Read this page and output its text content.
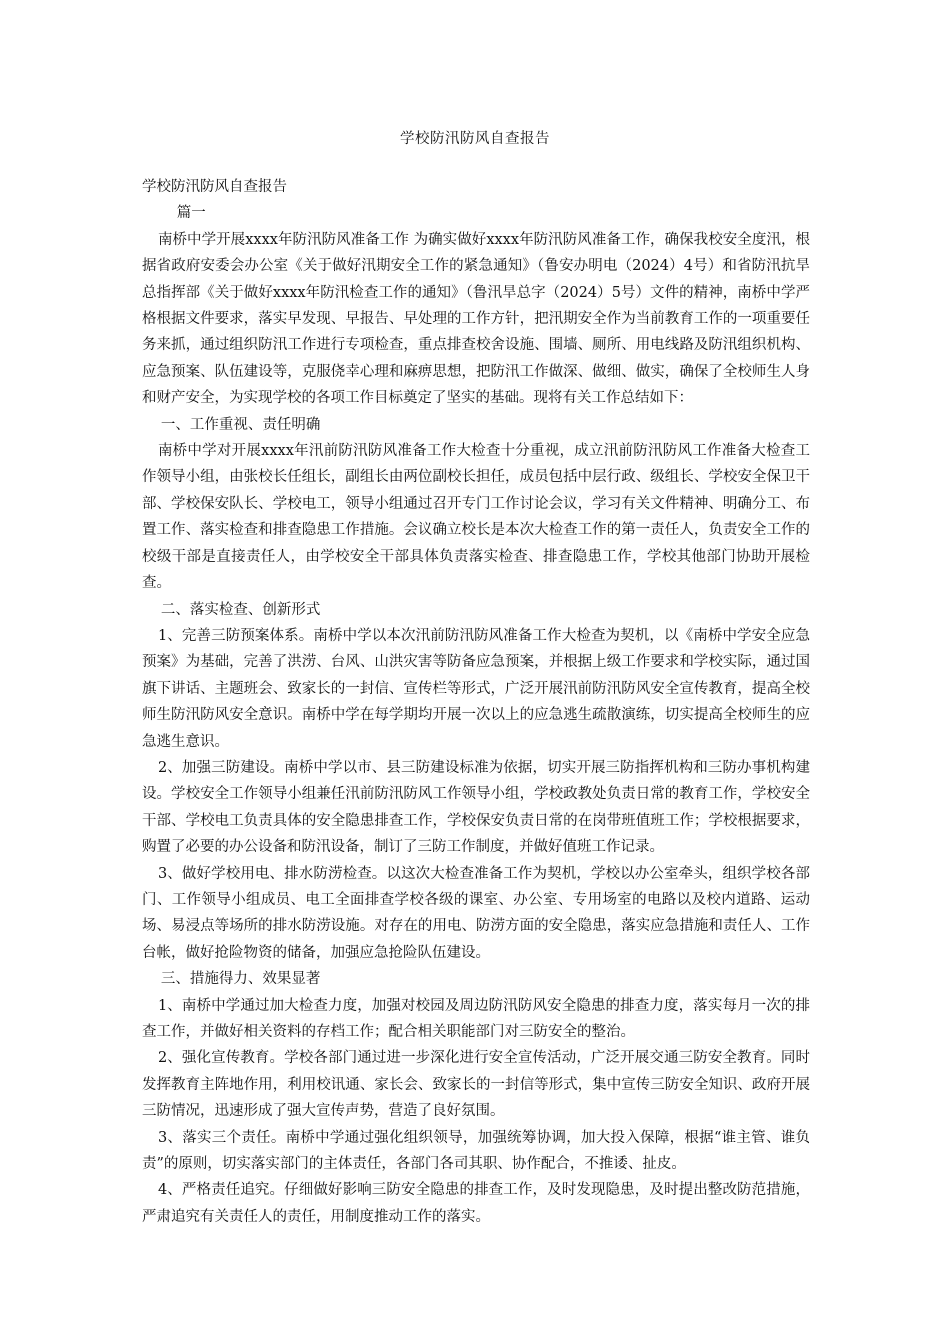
学校防汛防风自查报告

学校防汛防风自查报告

篇一

南桥中学开展xxxx年防汛防风准备工作 为确实做好xxxx年防汛防风准备工作，确保我校安全度汛，根据省政府安委会办公室《关于做好汛期安全工作的紧急通知》（鲁安办明电（2024）4号）和省防汛抗旱总指挥部《关于做好xxxx年防汛检查工作的通知》（鲁汛旱总字（2024）5号）文件的精神，南桥中学严格根据文件要求，落实早发现、早报告、早处理的工作方针，把汛期安全作为当前教育工作的一项重要任务来抓，通过组织防汛工作进行专项检查，重点排查校舍设施、围墙、厕所、用电线路及防汛组织机构、应急预案、队伍建设等，克服侥幸心理和麻痹思想，把防汛工作做深、做细、做实，确保了全校师生人身和财产安全，为实现学校的各项工作目标奠定了坚实的基础。现将有关工作总结如下：

一、工作重视、责任明确

南桥中学对开展xxxx年汛前防汛防风准备工作大检查十分重视，成立汛前防汛防风工作准备大检查工作领导小组，由张校长任组长，副组长由两位副校长担任，成员包括中层行政、级组长、学校安全保卫干部、学校保安队长、学校电工，领导小组通过召开专门工作讨论会议，学习有关文件精神、明确分工、布置工作、落实检查和排查隐患工作措施。会议确立校长是本次大检查工作的第一责任人，负责安全工作的校级干部是直接责任人，由学校安全干部具体负责落实检查、排查隐患工作，学校其他部门协助开展检查。

二、落实检查、创新形式

1、完善三防预案体系。南桥中学以本次汛前防汛防风准备工作大检查为契机，以《南桥中学安全应急预案》为基础，完善了洪涝、台风、山洪灾害等防备应急预案，并根据上级工作要求和学校实际，通过国旗下讲话、主题班会、致家长的一封信、宣传栏等形式，广泛开展汛前防汛防风安全宣传教育，提高全校师生防汛防风安全意识。南桥中学在每学期均开展一次以上的应急逃生疏散演练，切实提高全校师生的应急逃生意识。

2、加强三防建设。南桥中学以市、县三防建设标准为依据，切实开展三防指挥机构和三防办事机构建设。学校安全工作领导小组兼任汛前防汛防风工作领导小组，学校政教处负责日常的教育工作，学校安全干部、学校电工负责具体的安全隐患排查工作，学校保安负责日常的在岗带班值班工作；学校根据要求，购置了必要的办公设备和防汛设备，制订了三防工作制度，并做好值班工作记录。

3、做好学校用电、排水防涝检查。以这次大检查准备工作为契机，学校以办公室牵头，组织学校各部门、工作领导小组成员、电工全面排查学校各级的课室、办公室、专用场室的电路以及校内道路、运动场、易浸点等场所的排水防涝设施。对存在的用电、防涝方面的安全隐患，落实应急措施和责任人、工作台帐，做好抢险物资的储备，加强应急抢险队伍建设。

三、措施得力、效果显著

1、南桥中学通过加大检查力度，加强对校园及周边防汛防风安全隐患的排查力度，落实每月一次的排查工作，并做好相关资料的存档工作；配合相关职能部门对三防安全的整治。

2、强化宣传教育。学校各部门通过进一步深化进行安全宣传活动，广泛开展交通三防安全教育。同时发挥教育主阵地作用，利用校讯通、家长会、致家长的一封信等形式，集中宣传三防安全知识、政府开展三防情况，迅速形成了强大宣传声势，营造了良好氛围。

3、落实三个责任。南桥中学通过强化组织领导，加强统筹协调，加大投入保障，根据“谁主管、谁负责”的原则，切实落实部门的主体责任，各部门各司其职、协作配合，不推诿、扯皮。

4、严格责任追究。仔细做好影响三防安全隐患的排查工作，及时发现隐患，及时提出整改防范措施，严肃追究有关责任人的责任，用制度推动工作的落实。
